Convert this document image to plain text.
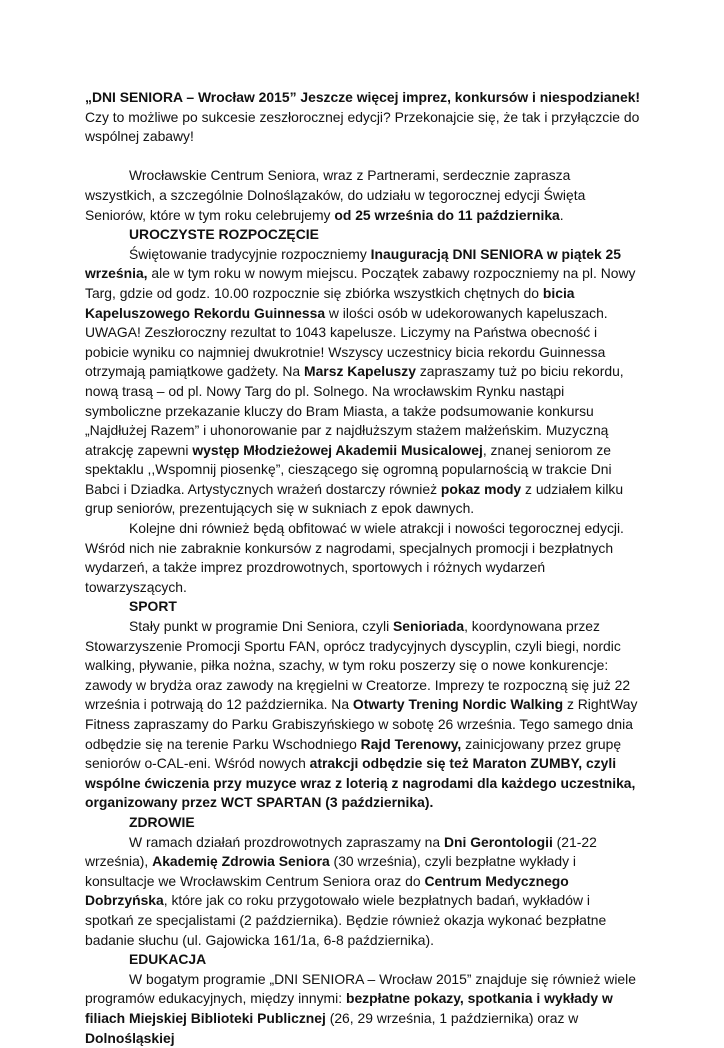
„DNI SENIORA – Wrocław 2015” Jeszcze więcej imprez, konkursów i niespodzianek!

Czy to możliwe po sukcesie zeszłorocznej edycji? Przekonajcie się, że tak i przyłączcie do wspólnej zabawy!

Wrocławskie Centrum Seniora, wraz z Partnerami, serdecznie zaprasza wszystkich, a szczególnie Dolnoślązaków, do udziału w tegorocznej edycji Święta Seniorów, które w tym roku celebrujemy od 25 września do 11 października.

UROCZYSTE ROZPOCZĘCIE

Świętowanie tradycyjnie rozpoczniemy Inauguracją DNI SENIORA w piątek 25 września, ale w tym roku w nowym miejscu. Początek zabawy rozpoczniemy na pl. Nowy Targ, gdzie od godz. 10.00 rozpocznie się zbiórka wszystkich chętnych do bicia Kapeluszowego Rekordu Guinnessa w ilości osób w udekorowanych kapeluszach. UWAGA! Zeszłoroczny rezultat to 1043 kapelusze. Liczymy na Państwa obecność i pobicie wyniku co najmniej dwukrotnie! Wszyscy uczestnicy bicia rekordu Guinnessa otrzymają pamiątkowe gadżety. Na Marsz Kapeluszy zapraszamy tuż po biciu rekordu, nową trasą – od pl. Nowy Targ do pl. Solnego. Na wrocławskim Rynku nastąpi symboliczne przekazanie kluczy do Bram Miasta, a także podsumowanie konkursu „Najdłużej Razem” i uhonorowanie par z najdłuższym stażem małżeńskim. Muzyczną atrakcję zapewni występ Młodzieżowej Akademii Musicalowej, znanej seniorom ze spektaklu ,,Wspomnij piosenkę”, cieszącego się ogromną popularnością w trakcie Dni Babci i Dziadka. Artystycznych wrażeń dostarczy również pokaz mody z udziałem kilku grup seniorów, prezentujących się w sukniach z epok dawnych.

Kolejne dni również będą obfitować w wiele atrakcji i nowości tegorocznej edycji. Wśród nich nie zabraknie konkursów z nagrodami, specjalnych promocji i bezpłatnych wydarzeń, a także imprez prozdrowotnych, sportowych i różnych wydarzeń towarzyszących.

SPORT

Stały punkt w programie Dni Seniora, czyli Senioriada, koordynowana przez Stowarzyszenie Promocji Sportu FAN, oprócz tradycyjnych dyscyplin, czyli biegi, nordic walking, pływanie, piłka nożna, szachy, w tym roku poszerzy się o nowe konkurencje: zawody w brydża oraz zawody na kręgielni w Creatorze. Imprezy te rozpoczną się już 22 września i potrwają do 12 października. Na Otwarty Trening Nordic Walking z RightWay Fitness zapraszamy do Parku Grabiszyńskiego w sobotę 26 września. Tego samego dnia odbędzie się na terenie Parku Wschodniego Rajd Terenowy, zainicjowany przez grupę seniorów o-CAL-eni. Wśród nowych atrakcji odbędzie się też Maraton ZUMBY, czyli wspólne ćwiczenia przy muzyce wraz z loterią z nagrodami dla każdego uczestnika, organizowany przez WCT SPARTAN (3 października).

ZDROWIE

W ramach działań prozdrowotnych zapraszamy na Dni Gerontologii (21-22 września), Akademię Zdrowia Seniora (30 września), czyli bezpłatne wykłady i konsultacje we Wrocławskim Centrum Seniora oraz do Centrum Medycznego Dobrzyńska, które jak co roku przygotowało wiele bezpłatnych badań, wykładów i spotkań ze specjalistami (2 października). Będzie również okazja wykonać bezpłatne badanie słuchu (ul. Gajowicka 161/1a, 6-8 października).

EDUKACJA

W bogatym programie „DNI SENIORA – Wrocław 2015” znajduje się również wiele programów edukacyjnych, między innymi: bezpłatne pokazy, spotkania i wykłady w filiach Miejskiej Biblioteki Publicznej (26, 29 września, 1 października) oraz w Dolnośląskiej
